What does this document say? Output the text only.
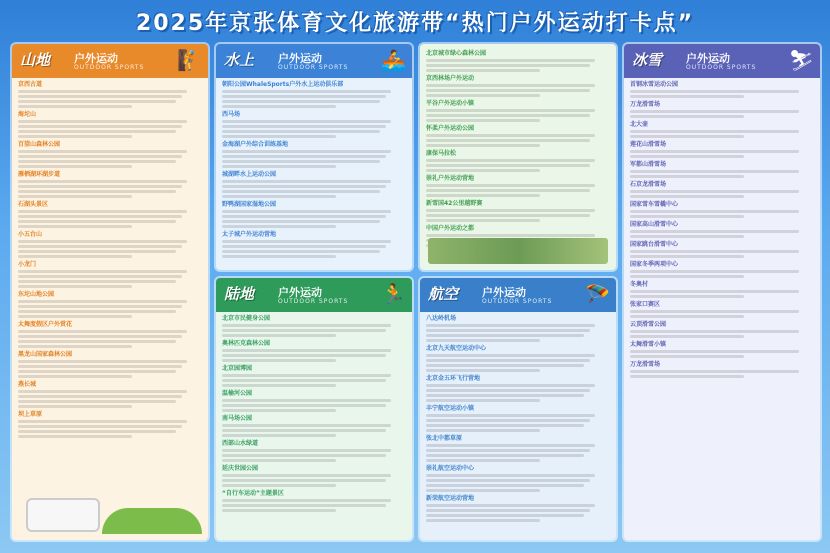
2025年京张体育文化旅游带“热门户外运动打卡点”
山地 户外运动
OUTDOOR SPORTS 🧗
京西古道
海坨山
百望山森林公园
雁栖湖环湖步道
石湖头景区
小五台山
小龙门
东坨山地公园
太舞度假区户外赏花
黑龙山国家森林公园
燕长城
坝上草原
水上 户外运动
OUTDOOR SPORTS 🚣
朝阳公园WhaleSports户外水上运动俱乐部
西马场
金海湖户外综合训练基地
城湖畔水上运动公园
野鸭湖国家湿地公园
太子城户外运动营地
陆地 户外运动
OUTDOOR SPORTS 🏃
北京市民健身公园
奥林匹克森林公园
北京园博园
温榆河公园
南马场公园
西部山水绿道
延庆世园公园
“自行车运动”主题景区
北京城市绿心森林公园
京西林场户外运动
平谷户外运动小镇
怀柔户外运动公园
康保马拉松
崇礼户外运动营地
新雪国42公里越野赛
中国户外运动之都
航空 户外运动
OUTDOOR SPORTS 🪂
八达岭机场
北京九天航空运动中心
北京金五环飞行营地
丰宁航空运动小镇
张北中都草原
崇礼航空运动中心
新荣航空运动营地
冰雪 户外运动
OUTDOOR SPORTS ⛷
首钢冰雪运动公园
万龙滑雪场
北大壶
莲花山滑雪场
军都山滑雪场
石京龙滑雪场
国家雪车雪橇中心
国家高山滑雪中心
国家跳台滑雪中心
国家冬季两项中心
冬奥村
张家口赛区
云顶滑雪公园
太舞滑雪小镇
万龙滑雪场
